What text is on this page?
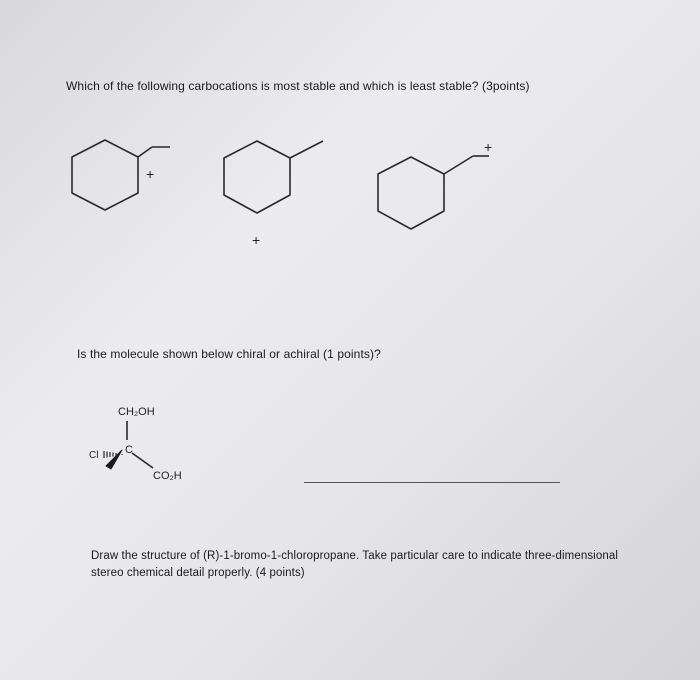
Which of the following carbocations is most stable and which is least stable? (3points)
+
+
+
CH₂OH
Cl C
CO₂H
Is the molecule shown below chiral or achiral (1 points)?
Draw the structure of (R)-1-bromo-1-chloropropane. Take particular care to indicate three-dimensional
stereo chemical detail properly. (4 points)
